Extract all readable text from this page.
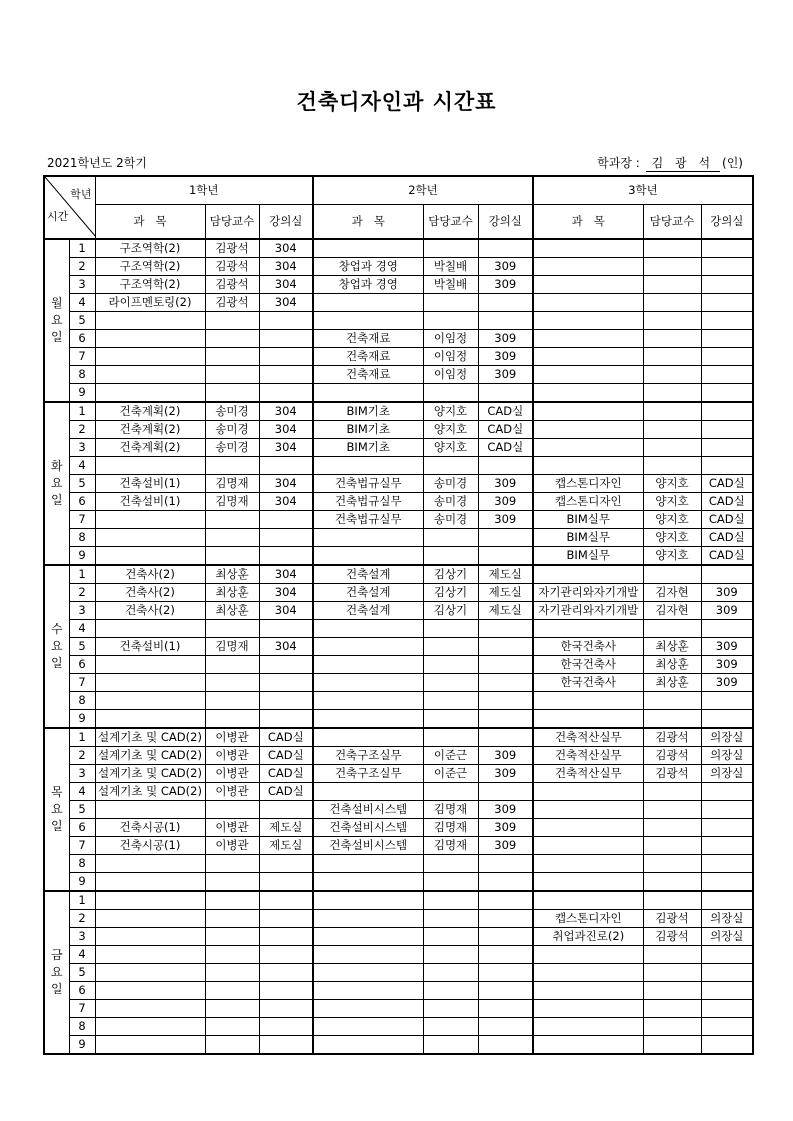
건축디자인과 시간표
2021학년도 2학기	학과장 : 김 광 석 (인)
학년
시간		1학년			2학년			3학년		
		과   목	담당교수	강의실	과   목	담당교수	강의실	과   목	담당교수	강의실

월
요
일	1	구조역학(2)	김광석	304						
	2	구조역학(2)	김광석	304	창업과 경영	박칠배	309			
	3	구조역학(2)	김광석	304	창업과 경영	박칠배	309			
	4	라이프멘토링(2)	김광석	304						
	5									
	6				건축재료	이임정	309			
	7				건축재료	이임정	309			
	8				건축재료	이임정	309			
	9									

화
요
일	1	건축계획(2)	송미경	304	BIM기초	양지호	CAD실			
	2	건축계획(2)	송미경	304	BIM기초	양지호	CAD실			
	3	건축계획(2)	송미경	304	BIM기초	양지호	CAD실			
	4									
	5	건축설비(1)	김명재	304	건축법규실무	송미경	309	캡스톤디자인	양지호	CAD실
	6	건축설비(1)	김명재	304	건축법규실무	송미경	309	캡스톤디자인	양지호	CAD실
	7				건축법규실무	송미경	309	BIM실무	양지호	CAD실
	8							BIM실무	양지호	CAD실
	9							BIM실무	양지호	CAD실

수
요
일	1	건축사(2)	최상훈	304	건축설계	김상기	제도실			
	2	건축사(2)	최상훈	304	건축설계	김상기	제도실	자기관리와자기개발	김자현	309
	3	건축사(2)	최상훈	304	건축설계	김상기	제도실	자기관리와자기개발	김자현	309
	4									
	5	건축설비(1)	김명재	304				한국건축사	최상훈	309
	6							한국건축사	최상훈	309
	7							한국건축사	최상훈	309
	8									
	9									

목
요
일	1	설계기초 및 CAD(2)	이병관	CAD실				건축적산실무	김광석	의장실
	2	설계기초 및 CAD(2)	이병관	CAD실	건축구조실무	이준근	309	건축적산실무	김광석	의장실
	3	설계기초 및 CAD(2)	이병관	CAD실	건축구조실무	이준근	309	건축적산실무	김광석	의장실
	4	설계기초 및 CAD(2)	이병관	CAD실						
	5				건축설비시스템	김명재	309			
	6	건축시공(1)	이병관	제도실	건축설비시스템	김명재	309			
	7	건축시공(1)	이병관	제도실	건축설비시스템	김명재	309			
	8									
	9									

금
요
일	1									
	2							캡스톤디자인	김광석	의장실
	3							취업과진로(2)	김광석	의장실
	4									
	5									
	6									
	7									
	8									
	9									
